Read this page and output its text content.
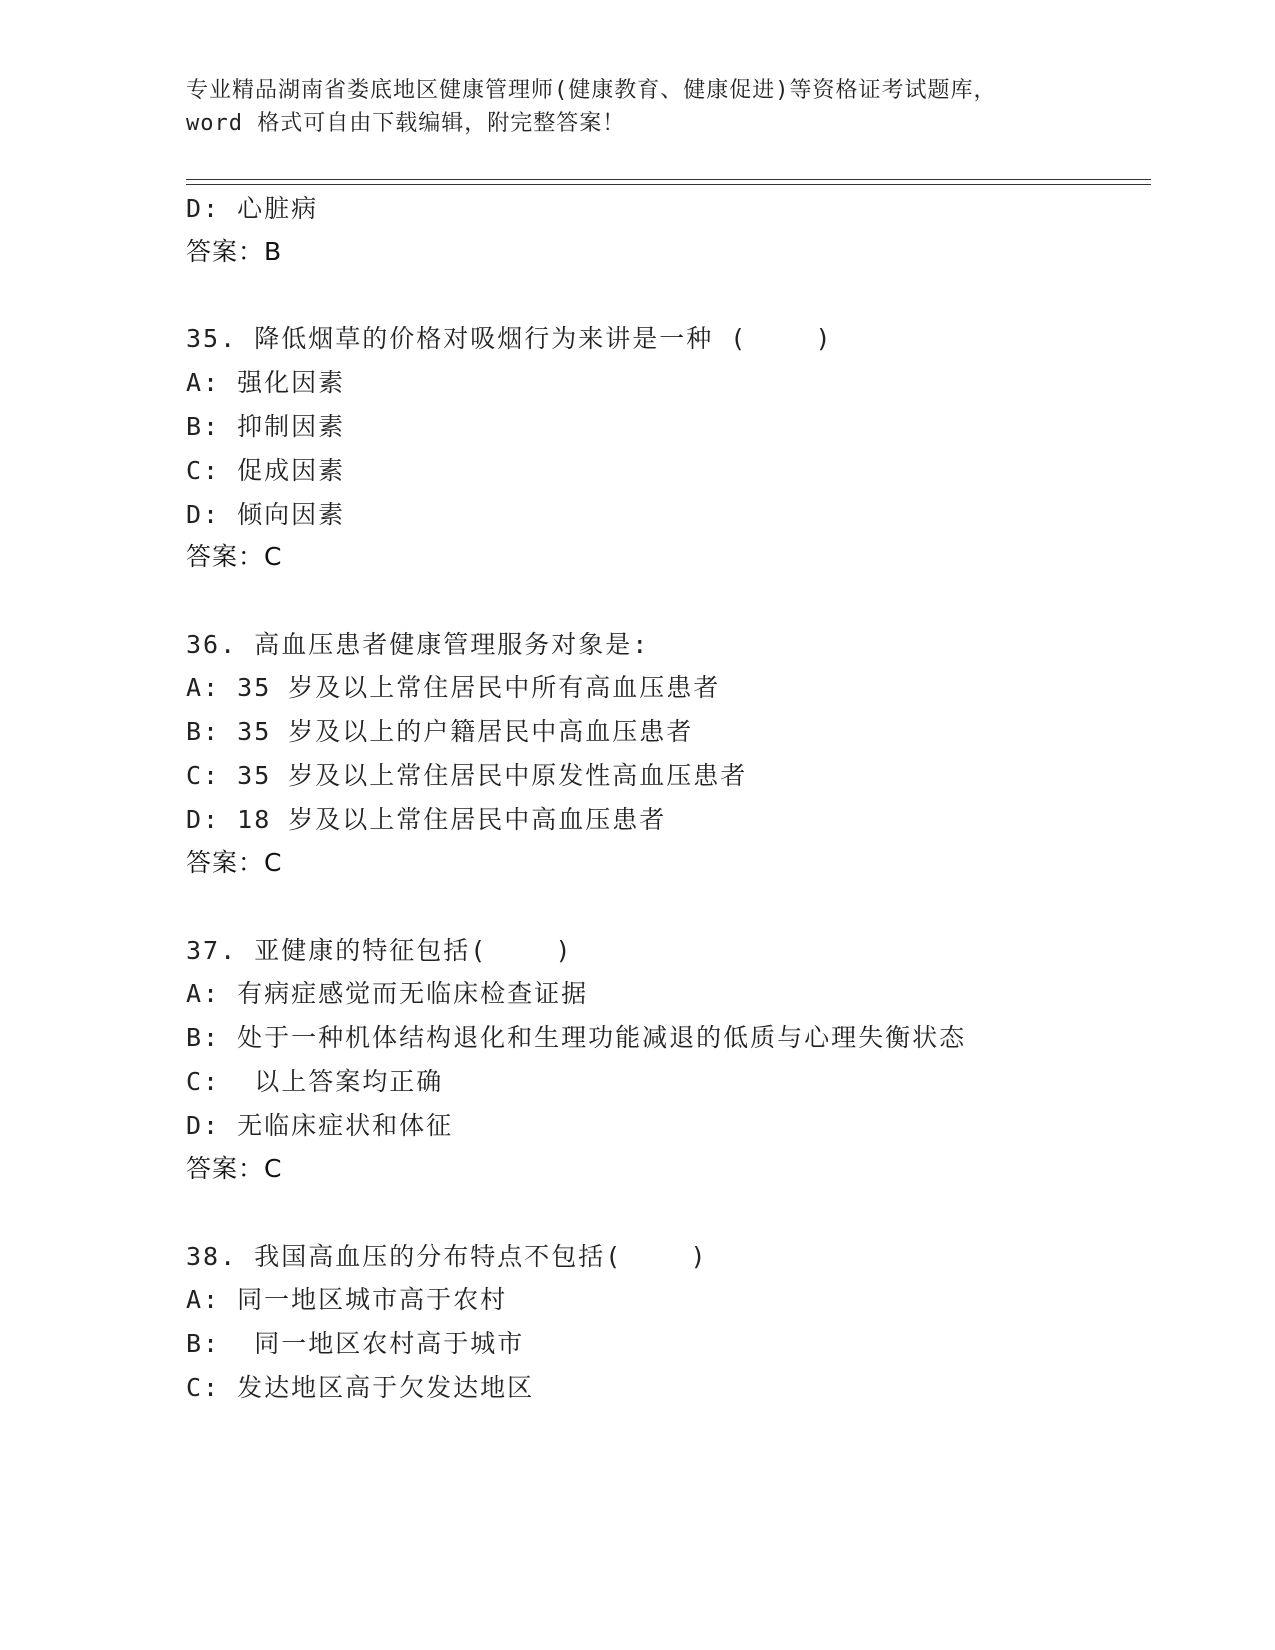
专业精品湖南省娄底地区健康管理师(健康教育、健康促进)等资格证考试题库，
word 格式可自由下载编辑，附完整答案！
D: 心脏病
答案：B
35. 降低烟草的价格对吸烟行为来讲是一种 (    )
A: 强化因素
B: 抑制因素
C: 促成因素
D: 倾向因素
答案：C
36. 高血压患者健康管理服务对象是:
A: 35 岁及以上常住居民中所有高血压患者
B: 35 岁及以上的户籍居民中高血压患者
C: 35 岁及以上常住居民中原发性高血压患者
D: 18 岁及以上常住居民中高血压患者
答案：C
37. 亚健康的特征包括(    )
A: 有病症感觉而无临床检查证据
B: 处于一种机体结构退化和生理功能减退的低质与心理失衡状态
C:  以上答案均正确
D: 无临床症状和体征
答案：C
38. 我国高血压的分布特点不包括(    )
A: 同一地区城市高于农村
B:  同一地区农村高于城市
C: 发达地区高于欠发达地区
